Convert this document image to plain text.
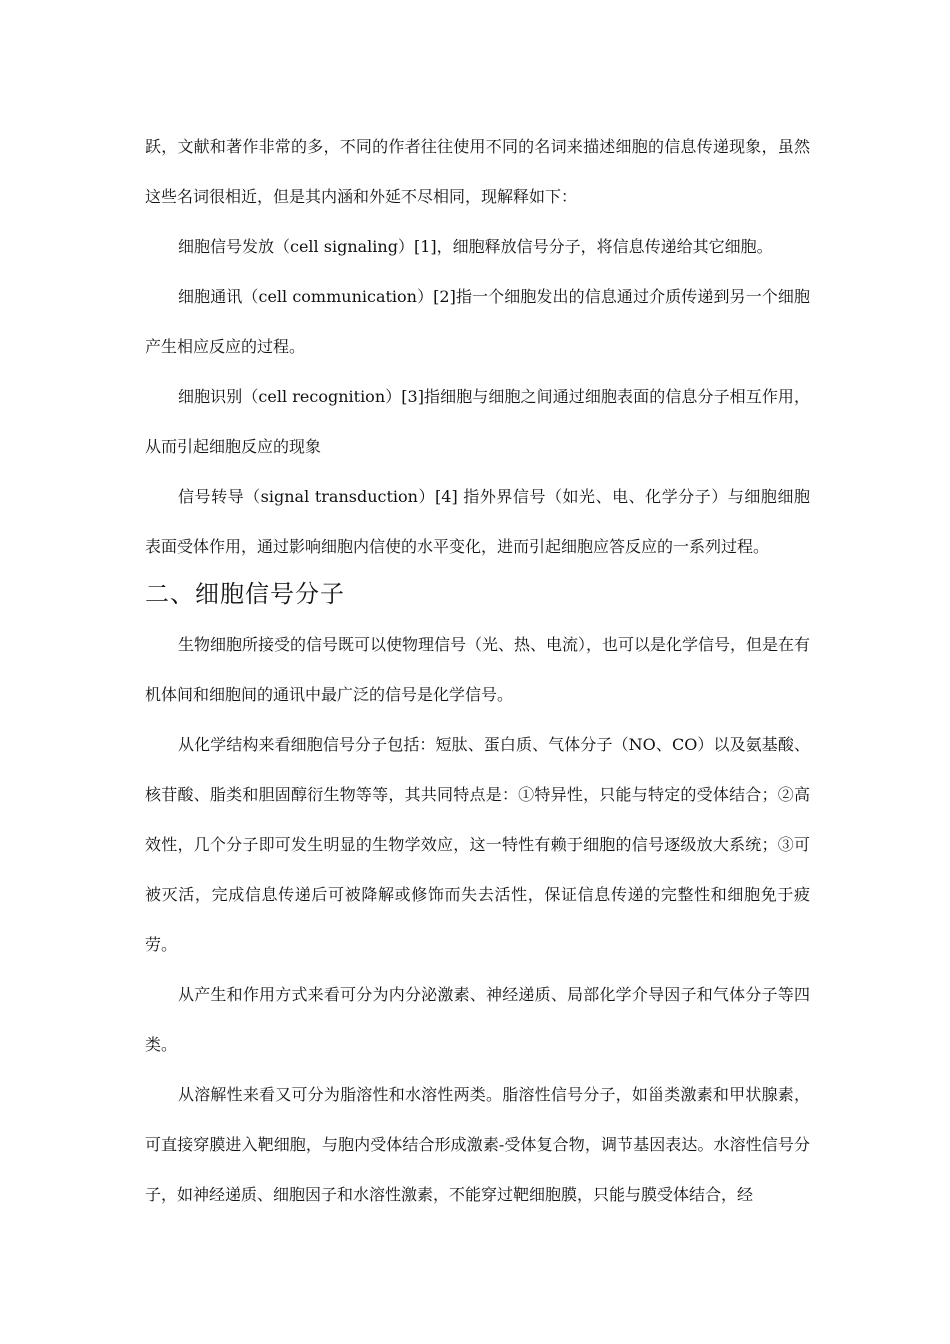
跃，文献和著作非常的多，不同的作者往往使用不同的名词来描述细胞的信息传递现象，虽然这些名词很相近，但是其内涵和外延不尽相同，现解释如下：

细胞信号发放（cell signaling）[1]，细胞释放信号分子，将信息传递给其它细胞。

细胞通讯（cell communication）[2]指一个细胞发出的信息通过介质传递到另一个细胞产生相应反应的过程。

细胞识别（cell recognition）[3]指细胞与细胞之间通过细胞表面的信息分子相互作用，从而引起细胞反应的现象

信号转导（signal transduction）[4] 指外界信号（如光、电、化学分子）与细胞细胞表面受体作用，通过影响细胞内信使的水平变化，进而引起细胞应答反应的一系列过程。

二、细胞信号分子

生物细胞所接受的信号既可以使物理信号（光、热、电流），也可以是化学信号，但是在有机体间和细胞间的通讯中最广泛的信号是化学信号。

从化学结构来看细胞信号分子包括：短肽、蛋白质、气体分子（NO、CO）以及氨基酸、核苷酸、脂类和胆固醇衍生物等等，其共同特点是：①特异性，只能与特定的受体结合；②高效性，几个分子即可发生明显的生物学效应，这一特性有赖于细胞的信号逐级放大系统；③可被灭活，完成信息传递后可被降解或修饰而失去活性，保证信息传递的完整性和细胞免于疲劳。

从产生和作用方式来看可分为内分泌激素、神经递质、局部化学介导因子和气体分子等四类。

从溶解性来看又可分为脂溶性和水溶性两类。脂溶性信号分子，如甾类激素和甲状腺素，可直接穿膜进入靶细胞，与胞内受体结合形成激素-受体复合物，调节基因表达。水溶性信号分子，如神经递质、细胞因子和水溶性激素，不能穿过靶细胞膜，只能与膜受体结合，经
